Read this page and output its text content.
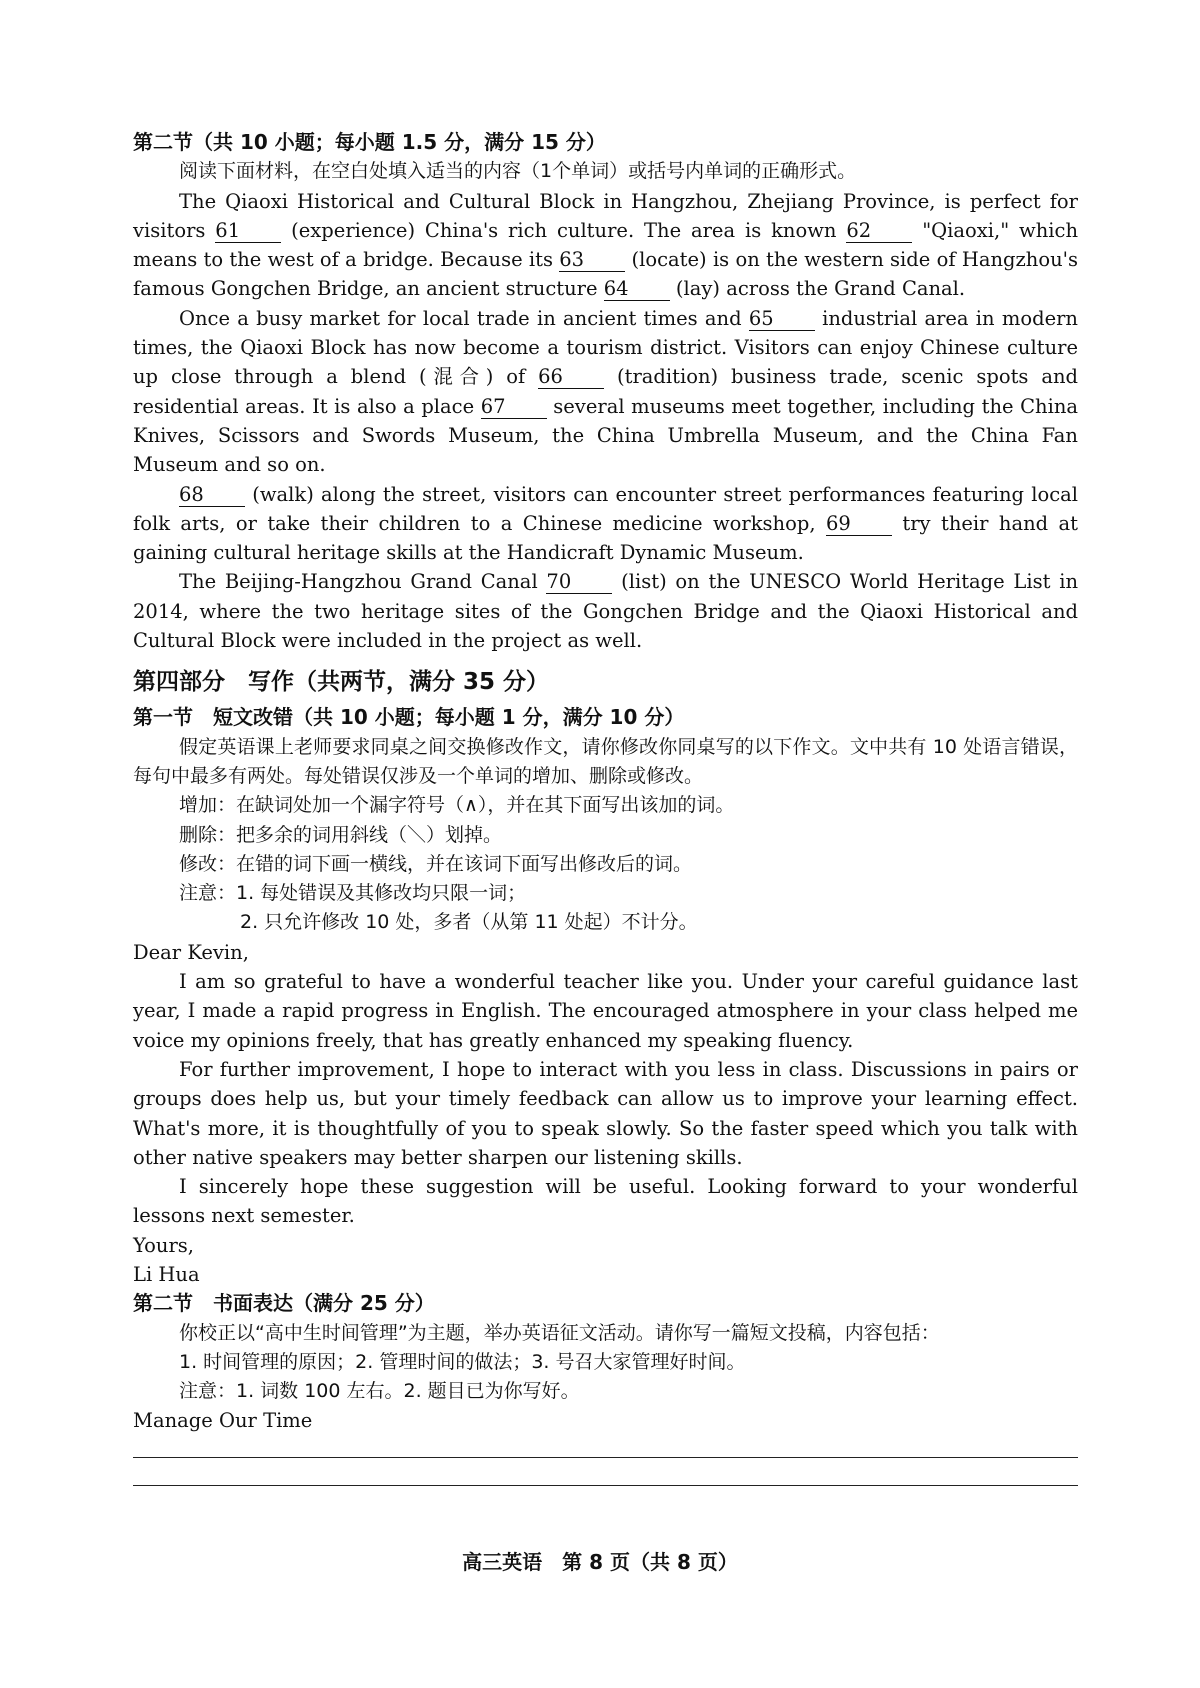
第二节（共 10 小题；每小题 1.5 分，满分 15 分）
阅读下面材料，在空白处填入适当的内容（1个单词）或括号内单词的正确形式。
The Qiaoxi Historical and Cultural Block in Hangzhou, Zhejiang Province, is perfect for visitors 61 (experience) China's rich culture. The area is known 62 "Qiaoxi," which means to the west of a bridge. Because its 63 (locate) is on the western side of Hangzhou's famous Gongchen Bridge, an ancient structure 64 (lay) across the Grand Canal.
Once a busy market for local trade in ancient times and 65 industrial area in modern times, the Qiaoxi Block has now become a tourism district. Visitors can enjoy Chinese culture up close through a blend (混合) of 66 (tradition) business trade, scenic spots and residential areas. It is also a place 67 several museums meet together, including the China Knives, Scissors and Swords Museum, the China Umbrella Museum, and the China Fan Museum and so on.
68 (walk) along the street, visitors can encounter street performances featuring local folk arts, or take their children to a Chinese medicine workshop, 69 try their hand at gaining cultural heritage skills at the Handicraft Dynamic Museum.
The Beijing-Hangzhou Grand Canal 70 (list) on the UNESCO World Heritage List in 2014, where the two heritage sites of the Gongchen Bridge and the Qiaoxi Historical and Cultural Block were included in the project as well.
第四部分　写作（共两节，满分 35 分）
第一节　短文改错（共 10 小题；每小题 1 分，满分 10 分）
假定英语课上老师要求同桌之间交换修改作文，请你修改你同桌写的以下作文。文中共有 10 处语言错误，每句中最多有两处。每处错误仅涉及一个单词的增加、删除或修改。
增加：在缺词处加一个漏字符号（∧），并在其下面写出该加的词。
删除：把多余的词用斜线（＼）划掉。
修改：在错的词下画一横线，并在该词下面写出修改后的词。
注意：1. 每处错误及其修改均只限一词；
2. 只允许修改 10 处，多者（从第 11 处起）不计分。
Dear Kevin,
I am so grateful to have a wonderful teacher like you. Under your careful guidance last year, I made a rapid progress in English. The encouraged atmosphere in your class helped me voice my opinions freely, that has greatly enhanced my speaking fluency.
For further improvement, I hope to interact with you less in class. Discussions in pairs or groups does help us, but your timely feedback can allow us to improve your learning effect. What's more, it is thoughtfully of you to speak slowly. So the faster speed which you talk with other native speakers may better sharpen our listening skills.
I sincerely hope these suggestion will be useful. Looking forward to your wonderful lessons next semester.
Yours,
Li Hua
第二节　书面表达（满分 25 分）
你校正以“高中生时间管理”为主题，举办英语征文活动。请你写一篇短文投稿，内容包括：
1. 时间管理的原因；2. 管理时间的做法；3. 号召大家管理好时间。
注意：1. 词数 100 左右。2. 题目已为你写好。
Manage Our Time
高三英语　第 8 页（共 8 页）
